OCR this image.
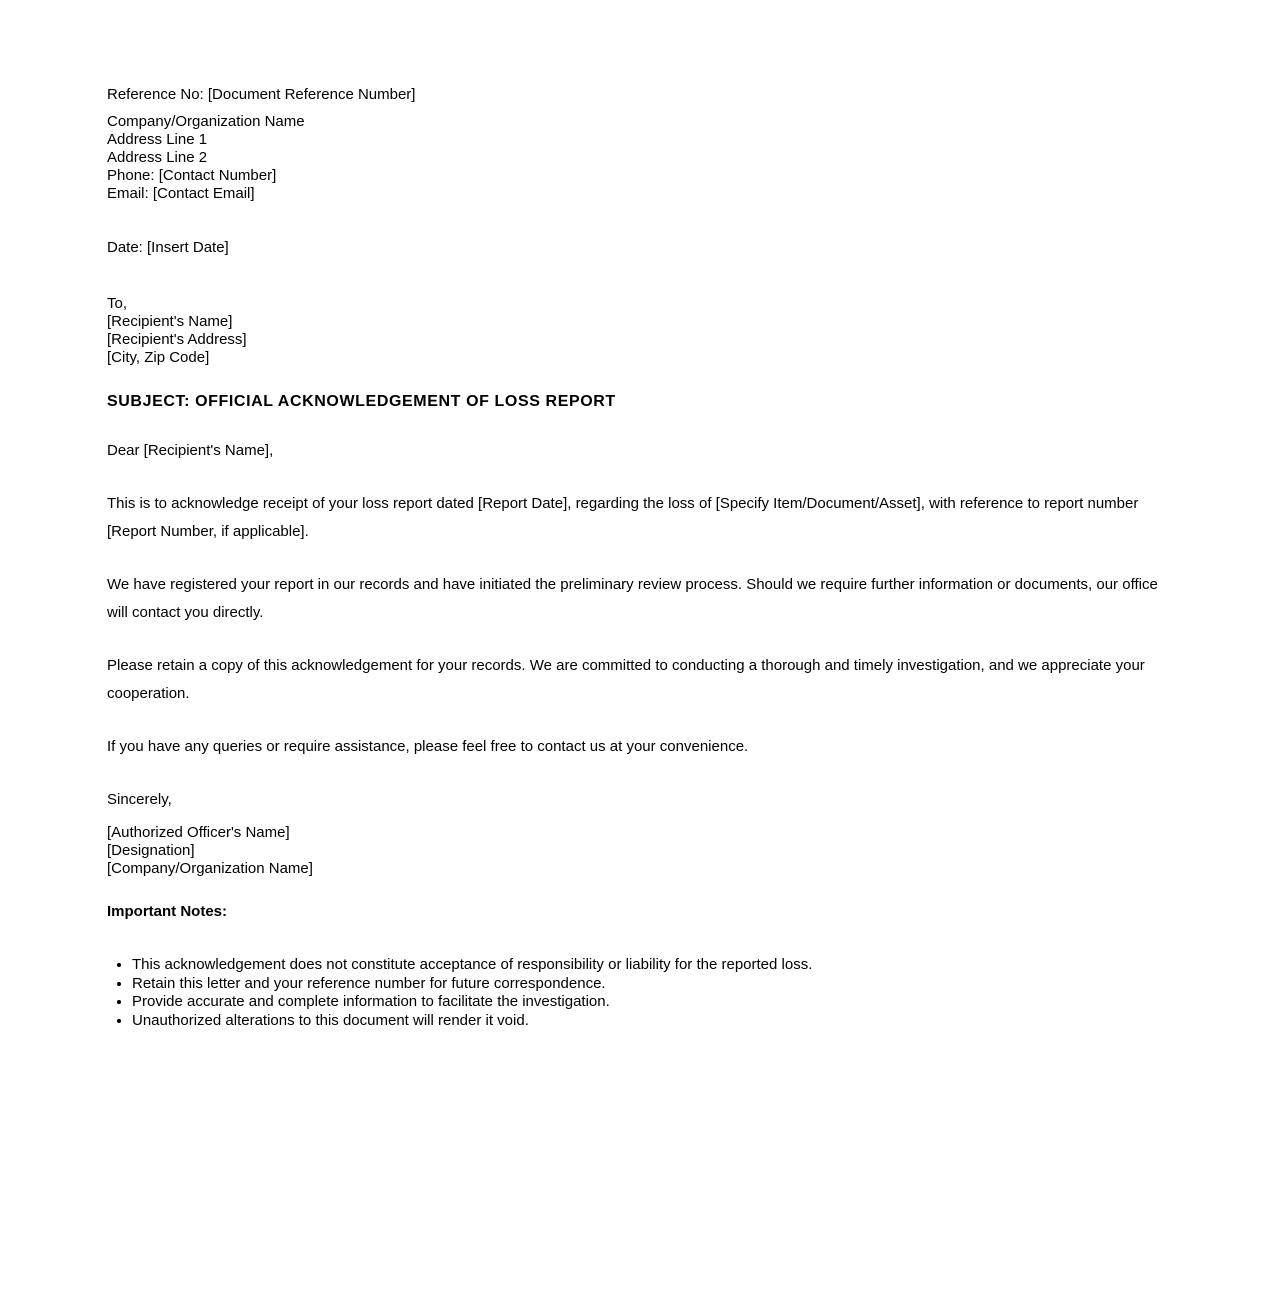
Reference No: [Document Reference Number]
Company/Organization Name
Address Line 1
Address Line 2
Phone: [Contact Number]
Email: [Contact Email]
Date: [Insert Date]
To,
[Recipient's Name]
[Recipient's Address]
[City, Zip Code]
SUBJECT: OFFICIAL ACKNOWLEDGEMENT OF LOSS REPORT

Dear [Recipient's Name],

This is to acknowledge receipt of your loss report dated [Report Date], regarding the loss of [Specify Item/Document/Asset], with reference to report number [Report Number, if applicable].

We have registered your report in our records and have initiated the preliminary review process. Should we require further information or documents, our office will contact you directly.

Please retain a copy of this acknowledgement for your records. We are committed to conducting a thorough and timely investigation, and we appreciate your cooperation.

If you have any queries or require assistance, please feel free to contact us at your convenience.

Sincerely,
[Authorized Officer's Name]
[Designation]
[Company/Organization Name]
Important Notes:
• This acknowledgement does not constitute acceptance of responsibility or liability for the reported loss.
• Retain this letter and your reference number for future correspondence.
• Provide accurate and complete information to facilitate the investigation.
• Unauthorized alterations to this document will render it void.
